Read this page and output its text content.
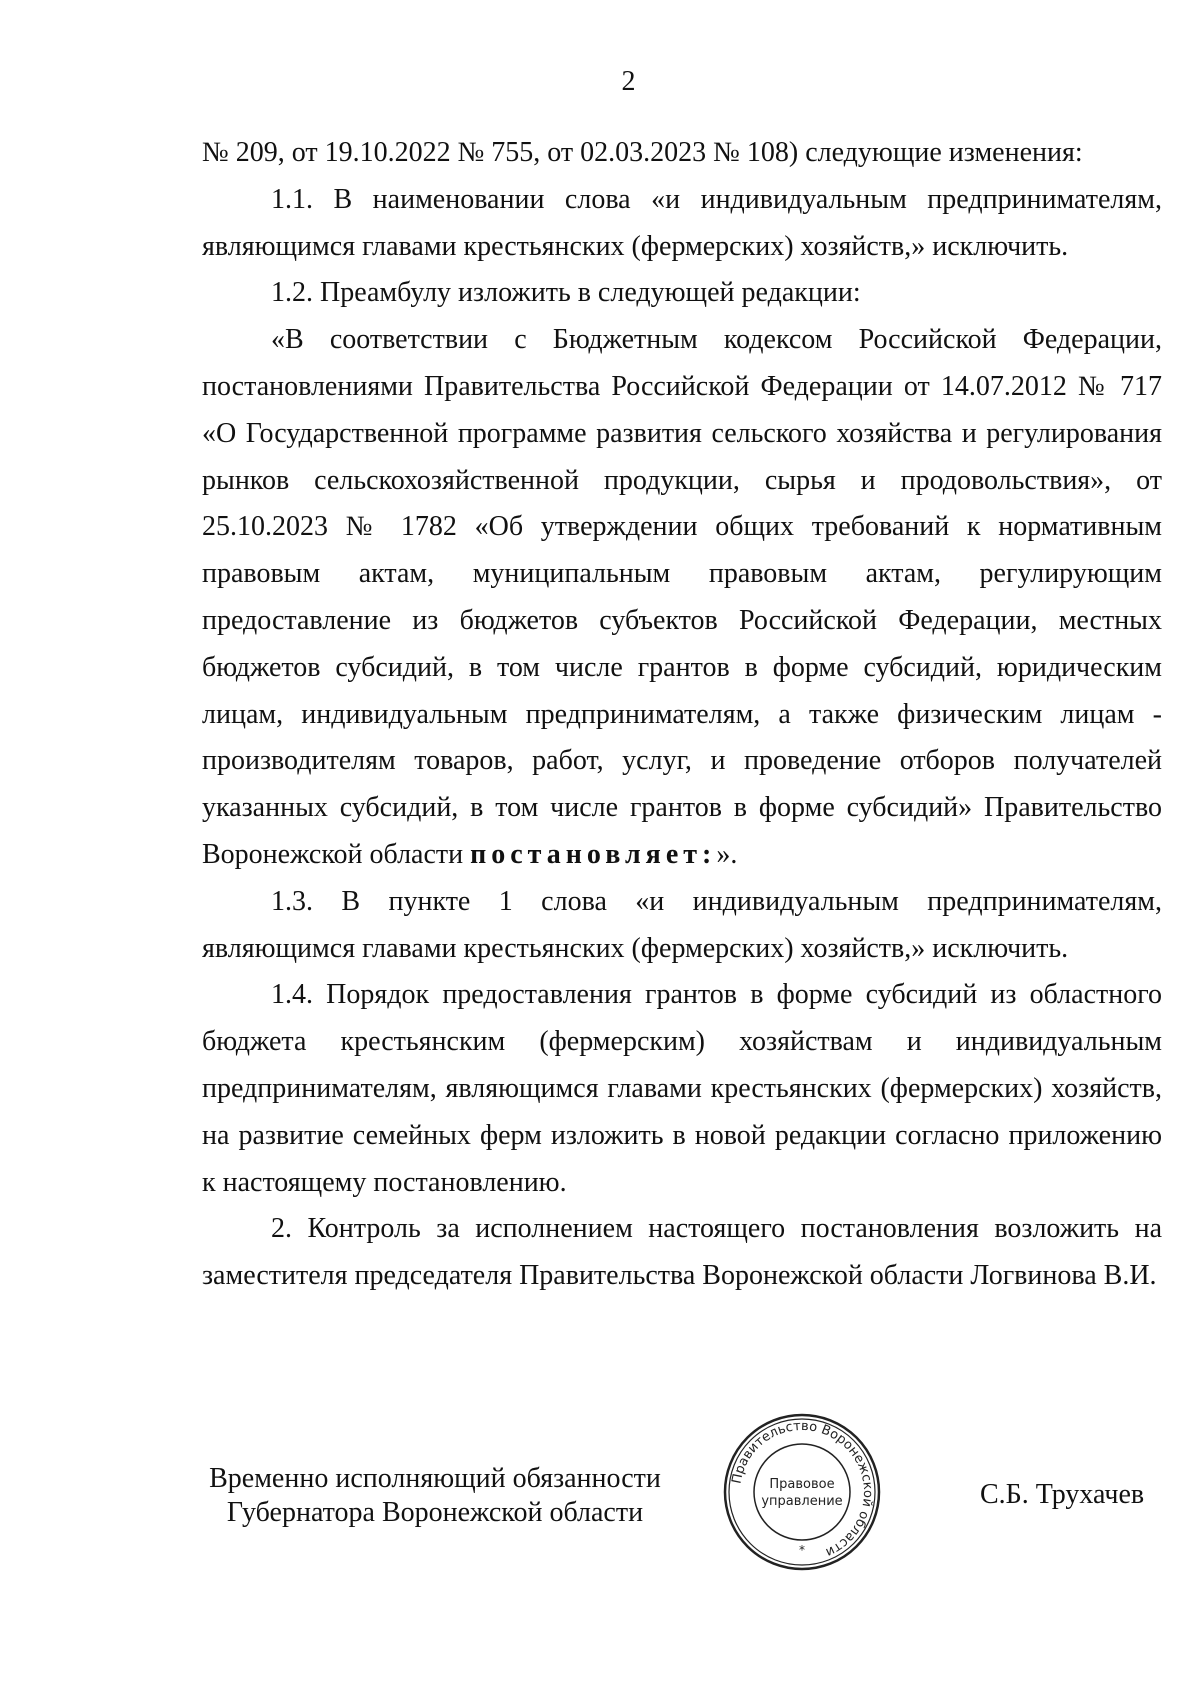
2

№ 209, от 19.10.2022 № 755, от 02.03.2023 № 108) следующие изменения:

1.1. В наименовании слова «и индивидуальным предпринимателям, являющимся главами крестьянских (фермерских) хозяйств,» исключить.

1.2. Преамбулу изложить в следующей редакции:

«В соответствии с Бюджетным кодексом Российской Федерации, постановлениями Правительства Российской Федерации от 14.07.2012 № 717 «О Государственной программе развития сельского хозяйства и регулирования рынков сельскохозяйственной продукции, сырья и продовольствия», от 25.10.2023 № 1782 «Об утверждении общих требований к нормативным правовым актам, муниципальным правовым актам, регулирующим предоставление из бюджетов субъектов Российской Федерации, местных бюджетов субсидий, в том числе грантов в форме субсидий, юридическим лицам, индивидуальным предпринимателям, а также физическим лицам - производителям товаров, работ, услуг, и проведение отборов получателей указанных субсидий, в том числе грантов в форме субсидий» Правительство Воронежской области постановляет:».

1.3. В пункте 1 слова «и индивидуальным предпринимателям, являющимся главами крестьянских (фермерских) хозяйств,» исключить.

1.4. Порядок предоставления грантов в форме субсидий из областного бюджета крестьянским (фермерским) хозяйствам и индивидуальным предпринимателям, являющимся главами крестьянских (фермерских) хозяйств, на развитие семейных ферм изложить в новой редакции согласно приложению к настоящему постановлению.

2. Контроль за исполнением настоящего постановления возложить на заместителя председателя Правительства Воронежской области Логвинова В.И.

Временно исполняющий обязанности
Губернатора Воронежской области
Правительство Воронежской области
Правовое
управление
*
С.Б. Трухачев
